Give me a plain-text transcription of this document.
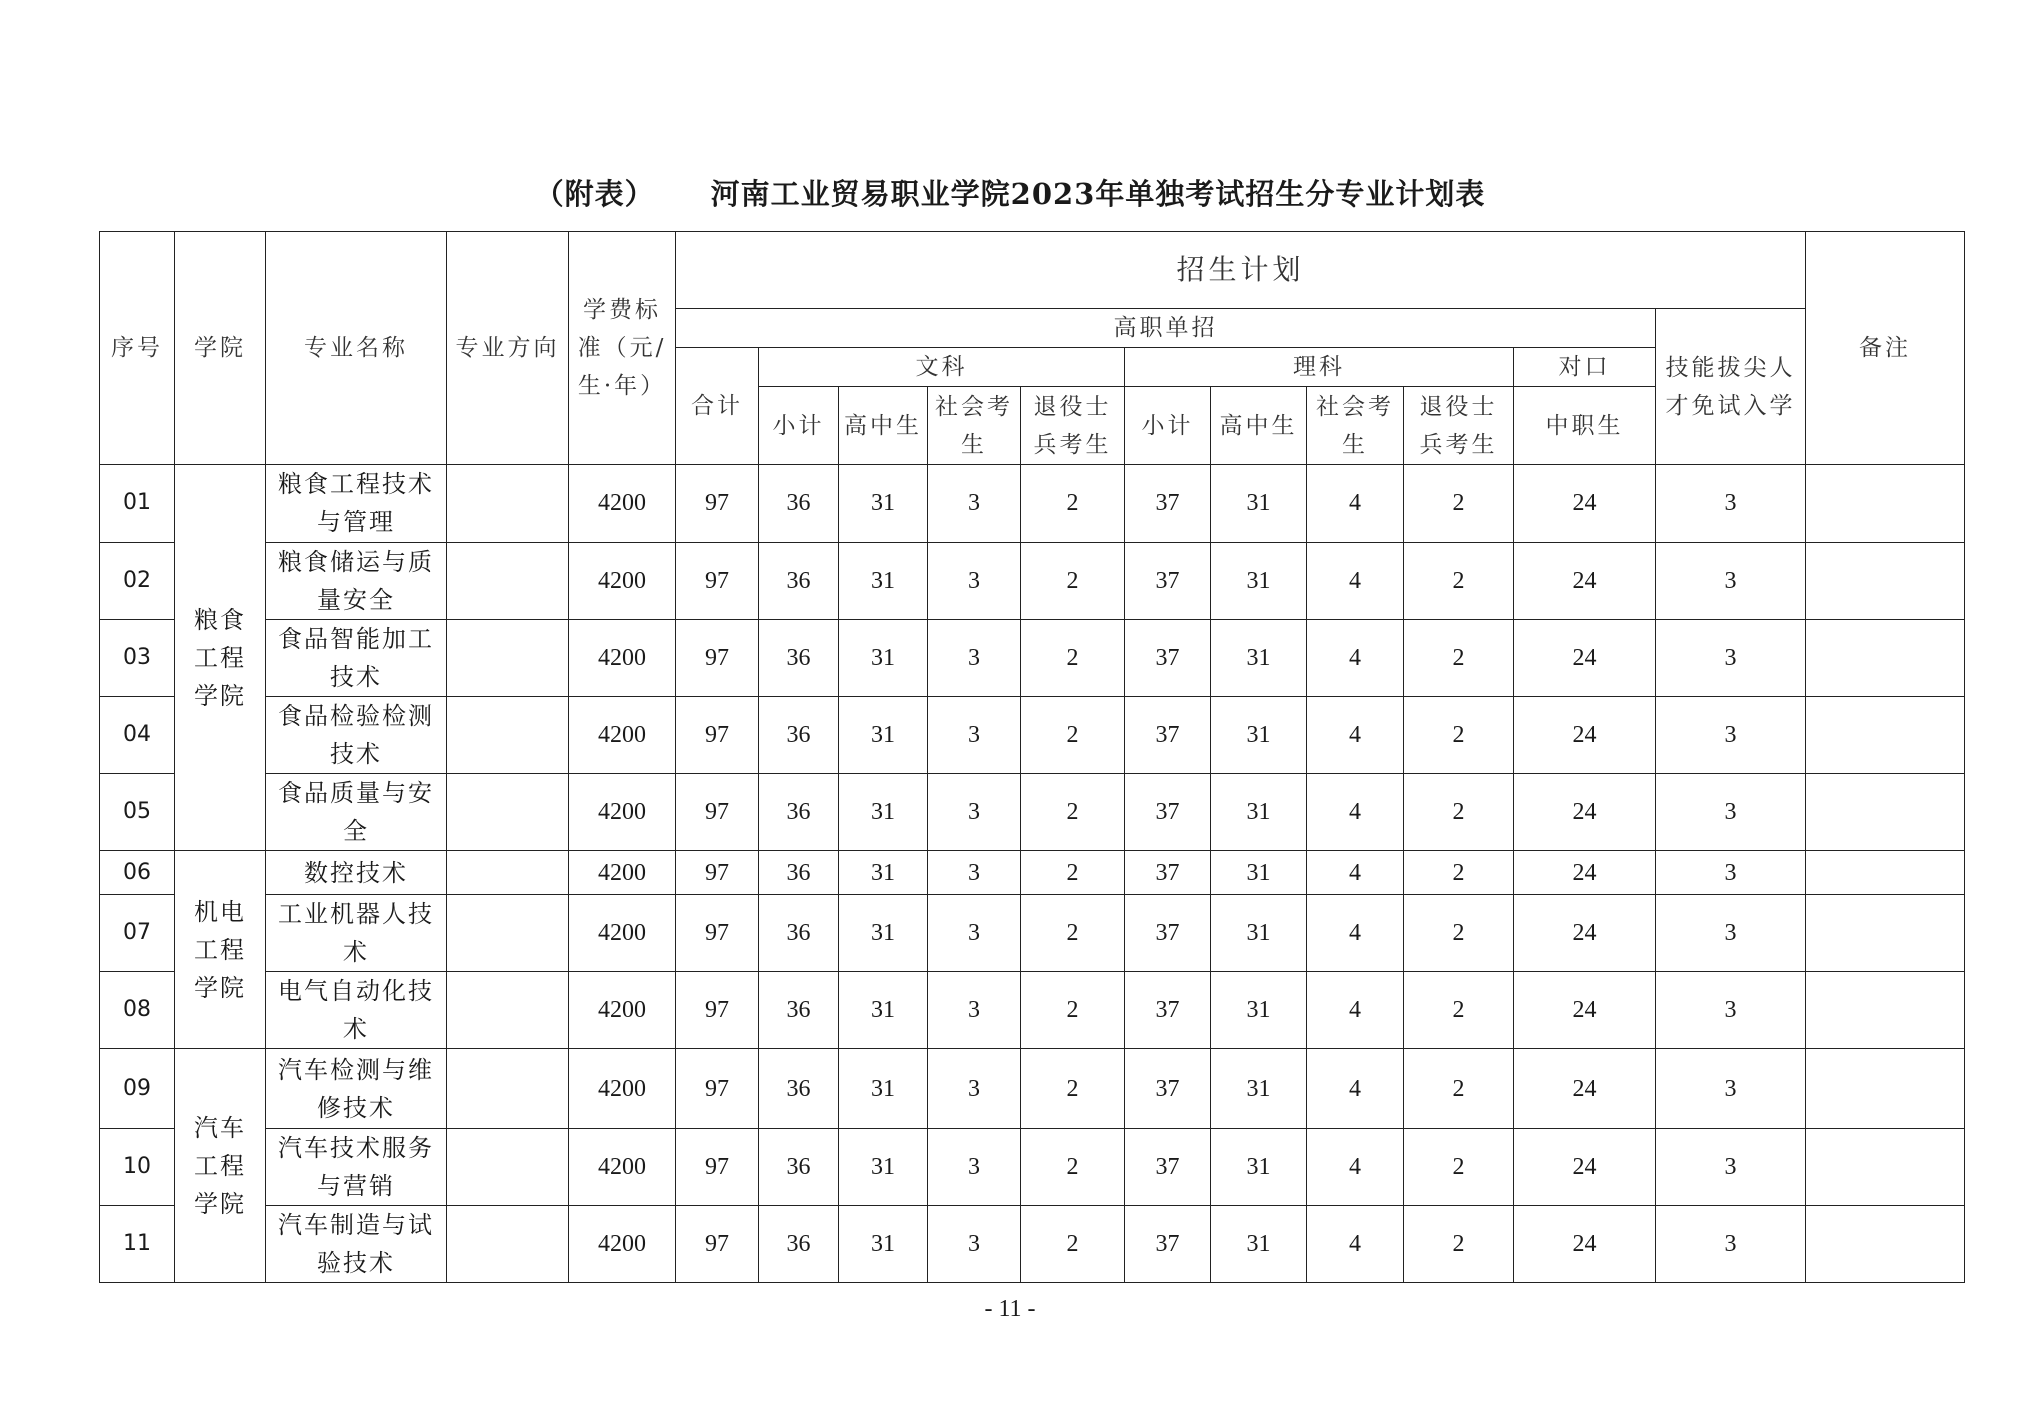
（附表） 河南工业贸易职业学院2023年单独考试招生分专业计划表
序号	学院	专业名称	专业方向	学费标准（元/生·年）	招生计划											备注
					高职单招										技能拔尖人才免试入学	
					合计	文科				理科				对口		
						小计	高中生	社会考生	退役士兵考生	小计	高中生	社会考生	退役士兵考生	中职生		
01	粮食工程学院	粮食工程技术与管理		4200	97	36	31	3	2	37	31	4	2	24	3	
02		粮食储运与质量安全		4200	97	36	31	3	2	37	31	4	2	24	3	
03		食品智能加工技术		4200	97	36	31	3	2	37	31	4	2	24	3	
04		食品检验检测技术		4200	97	36	31	3	2	37	31	4	2	24	3	
05		食品质量与安全		4200	97	36	31	3	2	37	31	4	2	24	3	
06	机电工程学院	数控技术		4200	97	36	31	3	2	37	31	4	2	24	3	
07		工业机器人技术		4200	97	36	31	3	2	37	31	4	2	24	3	
08		电气自动化技术		4200	97	36	31	3	2	37	31	4	2	24	3	
09	汽车工程学院	汽车检测与维修技术		4200	97	36	31	3	2	37	31	4	2	24	3	
10		汽车技术服务与营销		4200	97	36	31	3	2	37	31	4	2	24	3	
11		汽车制造与试验技术		4200	97	36	31	3	2	37	31	4	2	24	3	
- 11 -
